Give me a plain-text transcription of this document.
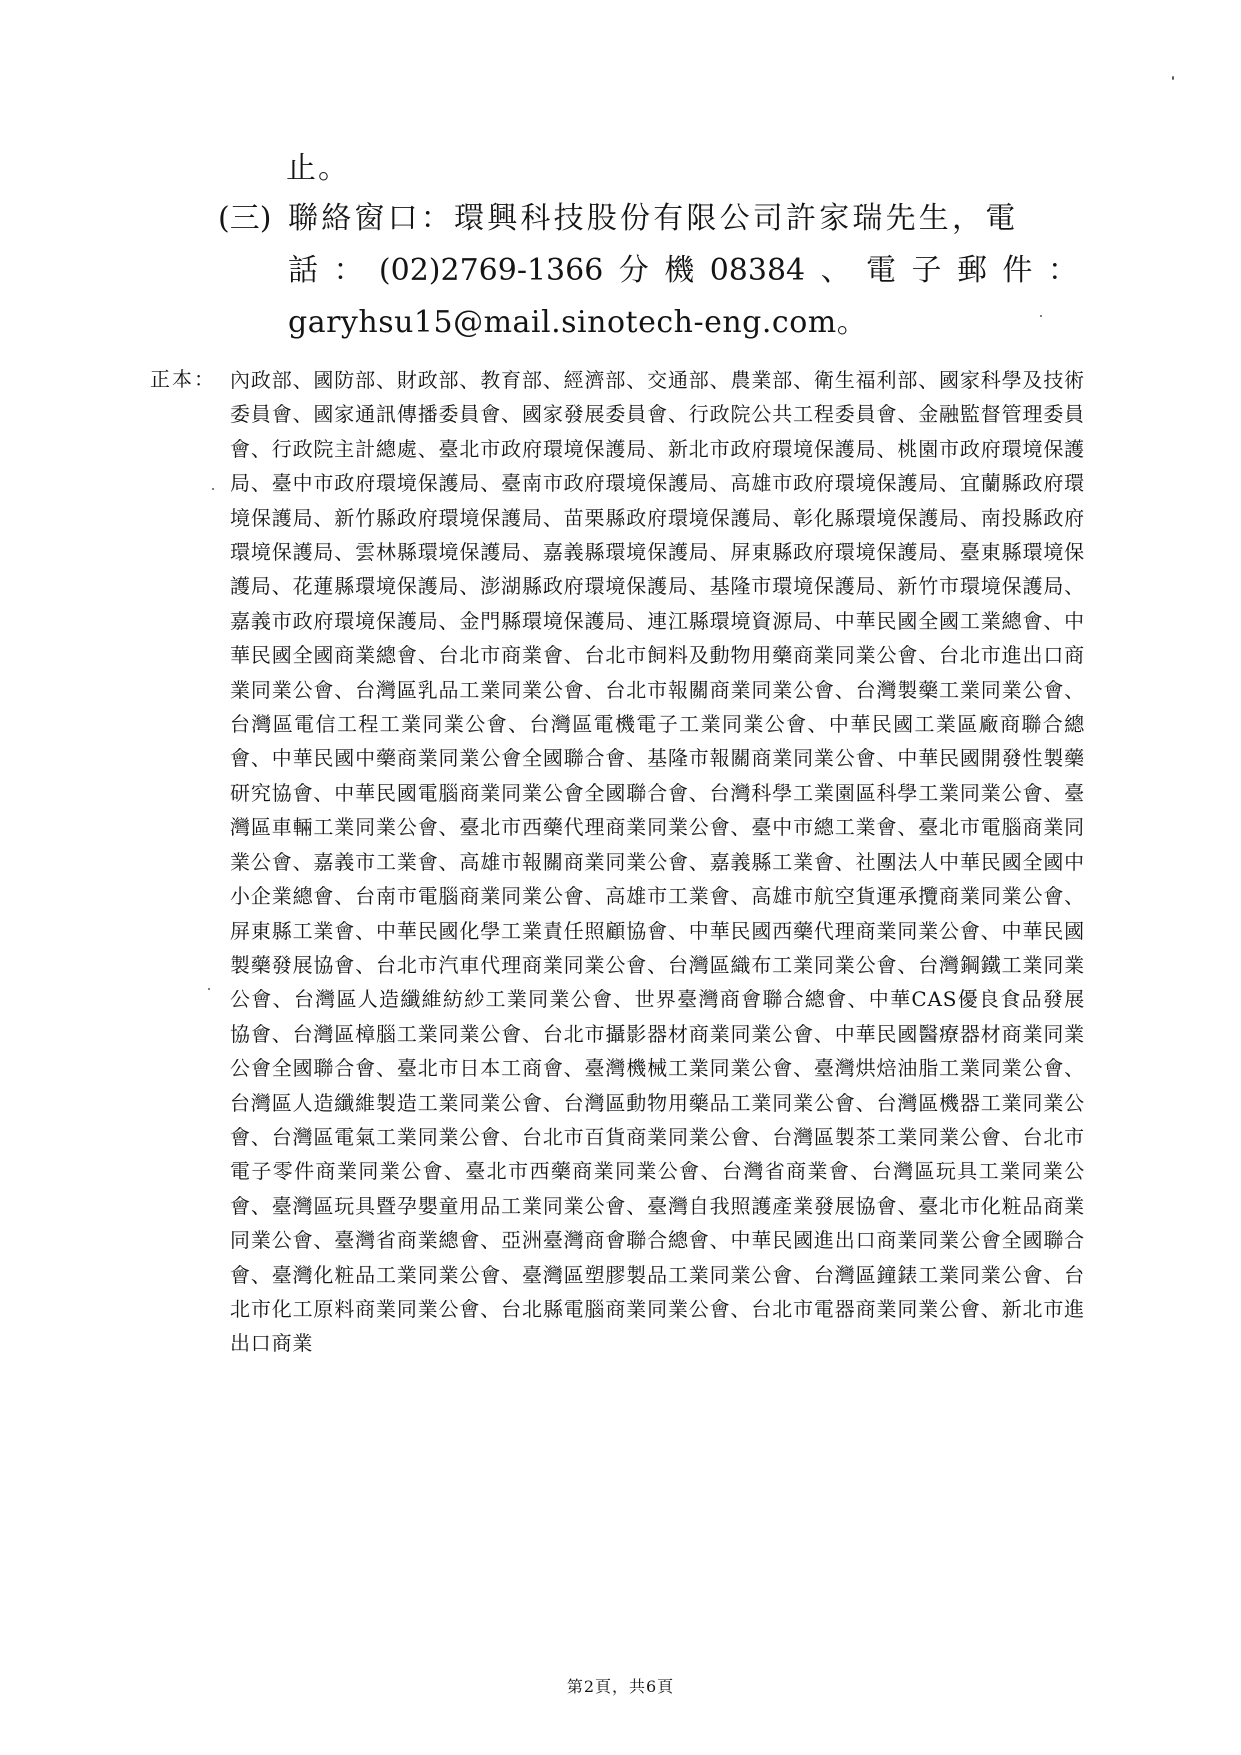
止。
(三) 聯絡窗口：環興科技股份有限公司許家瑞先生，電
話 ： (02)2769-1366 分 機 08384 、 電 子 郵 件 ：
garyhsu15@mail.sinotech-eng.com。
正本： 內政部、國防部、財政部、教育部、經濟部、交通部、農業部、衛生福利部、國家科學及技術委員會、國家通訊傳播委員會、國家發展委員會、行政院公共工程委員會、金融監督管理委員會、行政院主計總處、臺北市政府環境保護局、新北市政府環境保護局、桃園市政府環境保護局、臺中市政府環境保護局、臺南市政府環境保護局、高雄市政府環境保護局、宜蘭縣政府環境保護局、新竹縣政府環境保護局、苗栗縣政府環境保護局、彰化縣環境保護局、南投縣政府環境保護局、雲林縣環境保護局、嘉義縣環境保護局、屏東縣政府環境保護局、臺東縣環境保護局、花蓮縣環境保護局、澎湖縣政府環境保護局、基隆市環境保護局、新竹市環境保護局、嘉義市政府環境保護局、金門縣環境保護局、連江縣環境資源局、中華民國全國工業總會、中華民國全國商業總會、台北市商業會、台北市飼料及動物用藥商業同業公會、台北市進出口商業同業公會、台灣區乳品工業同業公會、台北市報關商業同業公會、台灣製藥工業同業公會、台灣區電信工程工業同業公會、台灣區電機電子工業同業公會、中華民國工業區廠商聯合總會、中華民國中藥商業同業公會全國聯合會、基隆市報關商業同業公會、中華民國開發性製藥研究協會、中華民國電腦商業同業公會全國聯合會、台灣科學工業園區科學工業同業公會、臺灣區車輛工業同業公會、臺北市西藥代理商業同業公會、臺中市總工業會、臺北市電腦商業同業公會、嘉義市工業會、高雄市報關商業同業公會、嘉義縣工業會、社團法人中華民國全國中小企業總會、台南市電腦商業同業公會、高雄市工業會、高雄市航空貨運承攬商業同業公會、屏東縣工業會、中華民國化學工業責任照顧協會、中華民國西藥代理商業同業公會、中華民國製藥發展協會、台北市汽車代理商業同業公會、台灣區織布工業同業公會、台灣鋼鐵工業同業公會、台灣區人造纖維紡紗工業同業公會、世界臺灣商會聯合總會、中華CAS優良食品發展協會、台灣區樟腦工業同業公會、台北市攝影器材商業同業公會、中華民國醫療器材商業同業公會全國聯合會、臺北市日本工商會、臺灣機械工業同業公會、臺灣烘焙油脂工業同業公會、台灣區人造纖維製造工業同業公會、台灣區動物用藥品工業同業公會、台灣區機器工業同業公會、台灣區電氣工業同業公會、台北市百貨商業同業公會、台灣區製茶工業同業公會、台北市電子零件商業同業公會、臺北市西藥商業同業公會、台灣省商業會、台灣區玩具工業同業公會、臺灣區玩具暨孕嬰童用品工業同業公會、臺灣自我照護產業發展協會、臺北市化粧品商業同業公會、臺灣省商業總會、亞洲臺灣商會聯合總會、中華民國進出口商業同業公會全國聯合會、臺灣化粧品工業同業公會、臺灣區塑膠製品工業同業公會、台灣區鐘錶工業同業公會、台北市化工原料商業同業公會、台北縣電腦商業同業公會、台北市電器商業同業公會、新北市進出口商業
第2頁，共6頁
